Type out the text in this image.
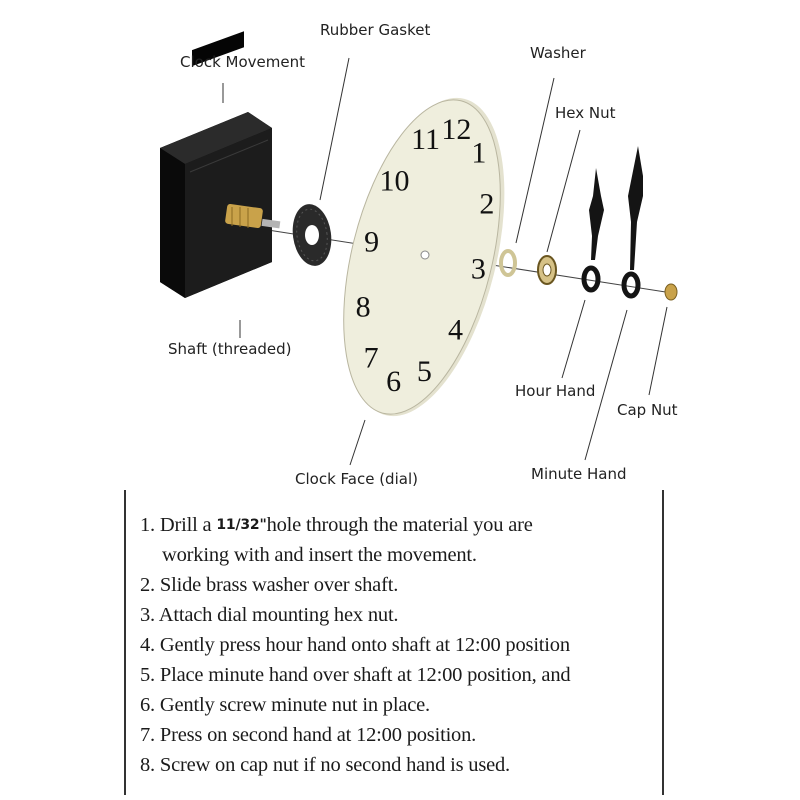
12
1
2
3
4
5
6
7
8
9
10
11
Rubber Gasket
Washer
Clock Movement
Hex Nut
Shaft (threaded)
Hour Hand
Cap Nut
Clock Face (dial)	Minute Hand
1. Drill a 11/32"hole through the material you are
working with and insert the movement.
2. Slide brass washer over shaft.
3. Attach dial mounting hex nut.
4. Gently press hour hand onto shaft at 12:00 position
5. Place minute hand over shaft at 12:00 position, and
6. Gently screw minute nut in place.
7. Press on second hand at 12:00 position.
8. Screw on cap nut if no second hand is used.
